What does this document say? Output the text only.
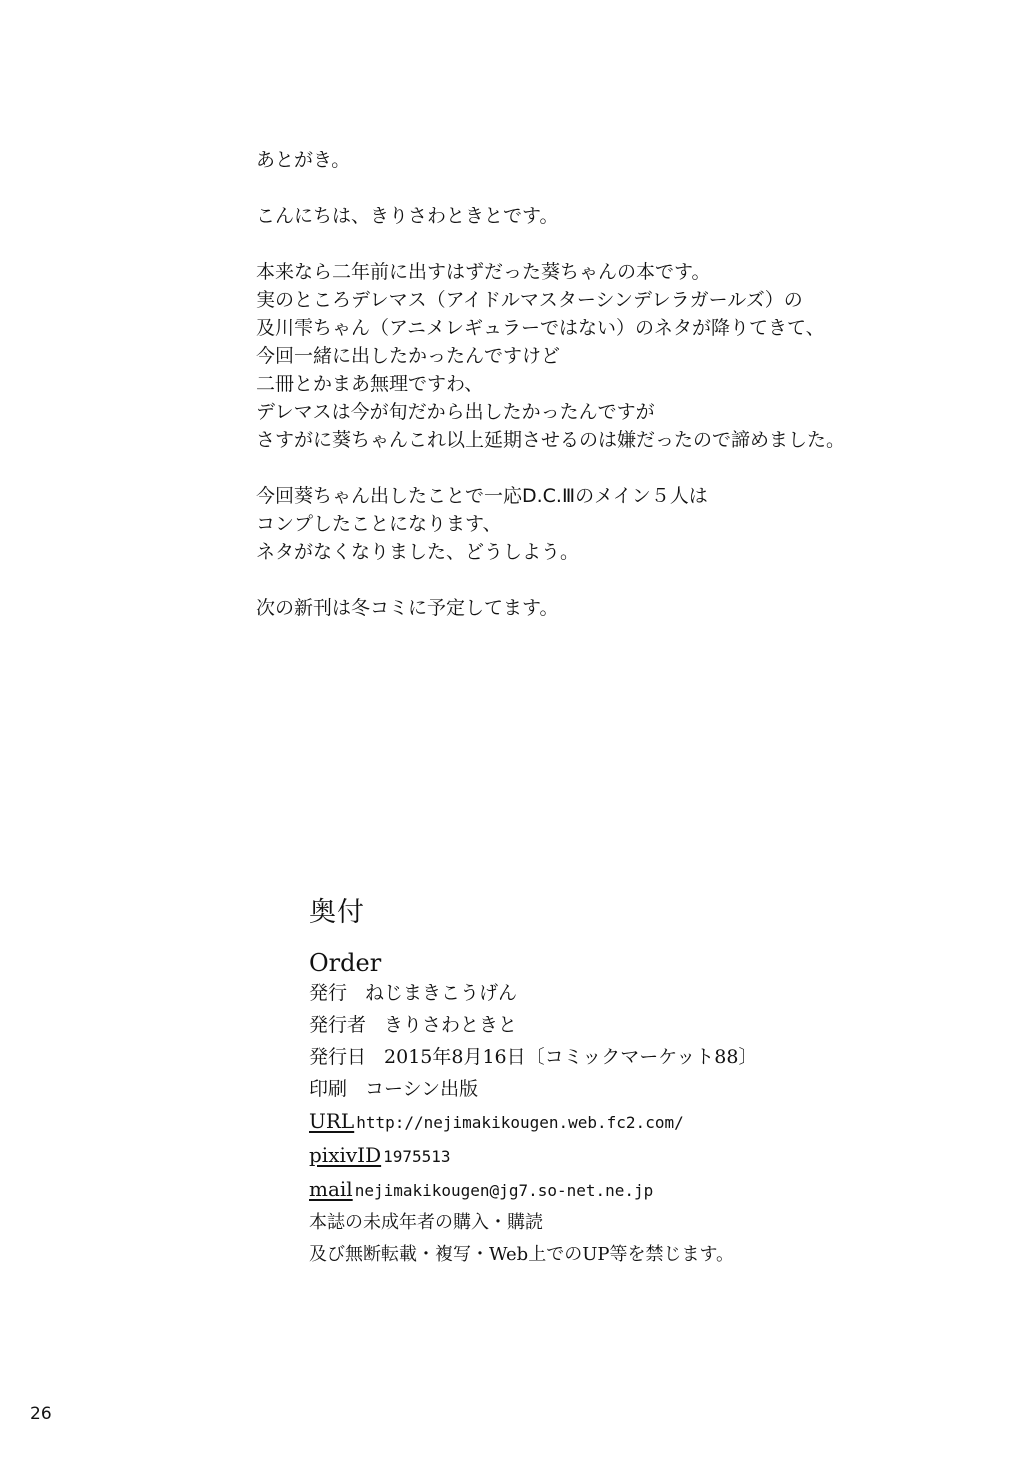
あとがき。
こんにちは、きりさわときとです。
本来なら二年前に出すはずだった葵ちゃんの本です。
実のところデレマス（アイドルマスターシンデレラガールズ）の
及川雫ちゃん（アニメレギュラーではない）のネタが降りてきて、
今回一緒に出したかったんですけど
二冊とかまあ無理ですわ、
デレマスは今が旬だから出したかったんですが
さすがに葵ちゃんこれ以上延期させるのは嫌だったので諦めました。
今回葵ちゃん出したことで一応D.C.Ⅲのメイン５人は
コンプしたことになります、
ネタがなくなりました、どうしよう。
次の新刊は冬コミに予定してます。
奥付
Order
発行 ねじまきこうげん
発行者 きりさわときと
発行日 2015年8月16日〔コミックマーケット88〕
印刷 コーシン出版
URL http://nejimakikougen.web.fc2.com/
pixivID 1975513
mail nejimakikougen@jg7.so-net.ne.jp
本誌の未成年者の購入・購読
及び無断転載・複写・Web上でのUP等を禁じます。
26
